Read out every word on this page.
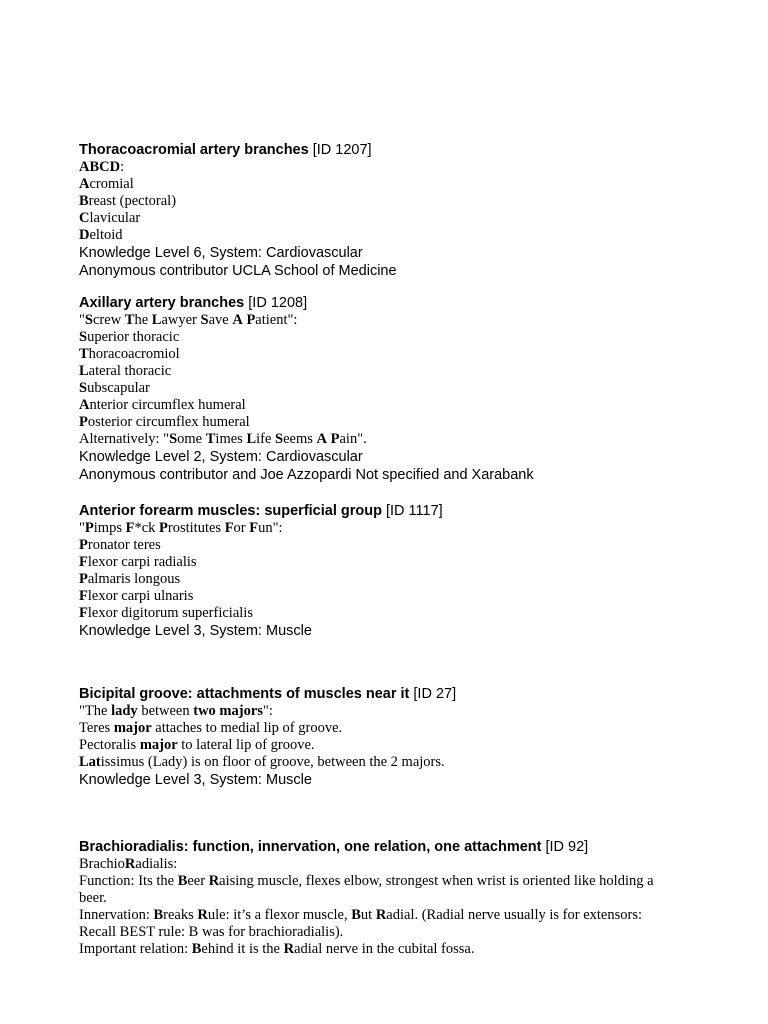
Thoracoacromial artery branches [ID 1207]

ABCD:

Acromial

Breast (pectoral)

Clavicular

Deltoid

Knowledge Level 6, System: Cardiovascular

Anonymous contributor UCLA School of Medicine

Axillary artery branches [ID 1208]

"Screw The Lawyer Save A Patient":

Superior thoracic

Thoracoacromiol

Lateral thoracic

Subscapular

Anterior circumflex humeral

Posterior circumflex humeral

Alternatively: "Some Times Life Seems A Pain".

Knowledge Level 2, System: Cardiovascular

Anonymous contributor and Joe Azzopardi Not specified and Xarabank

Anterior forearm muscles: superficial group [ID 1117]

"Pimps F*ck Prostitutes For Fun":

Pronator teres

Flexor carpi radialis

Palmaris longous

Flexor carpi ulnaris

Flexor digitorum superficialis

Knowledge Level 3, System: Muscle

Bicipital groove: attachments of muscles near it [ID 27]

"The lady between two majors":

Teres major attaches to medial lip of groove.

Pectoralis major to lateral lip of groove.

Latissimus (Lady) is on floor of groove, between the 2 majors.

Knowledge Level 3, System: Muscle

Brachioradialis: function, innervation, one relation, one attachment [ID 92]

BrachioRadialis:

Function: Its the Beer Raising muscle, flexes elbow, strongest when wrist is oriented like holding a beer.

Innervation: Breaks Rule: it’s a flexor muscle, But Radial. (Radial nerve usually is for extensors: Recall BEST rule: B was for brachioradialis).

Important relation: Behind it is the Radial nerve in the cubital fossa.
